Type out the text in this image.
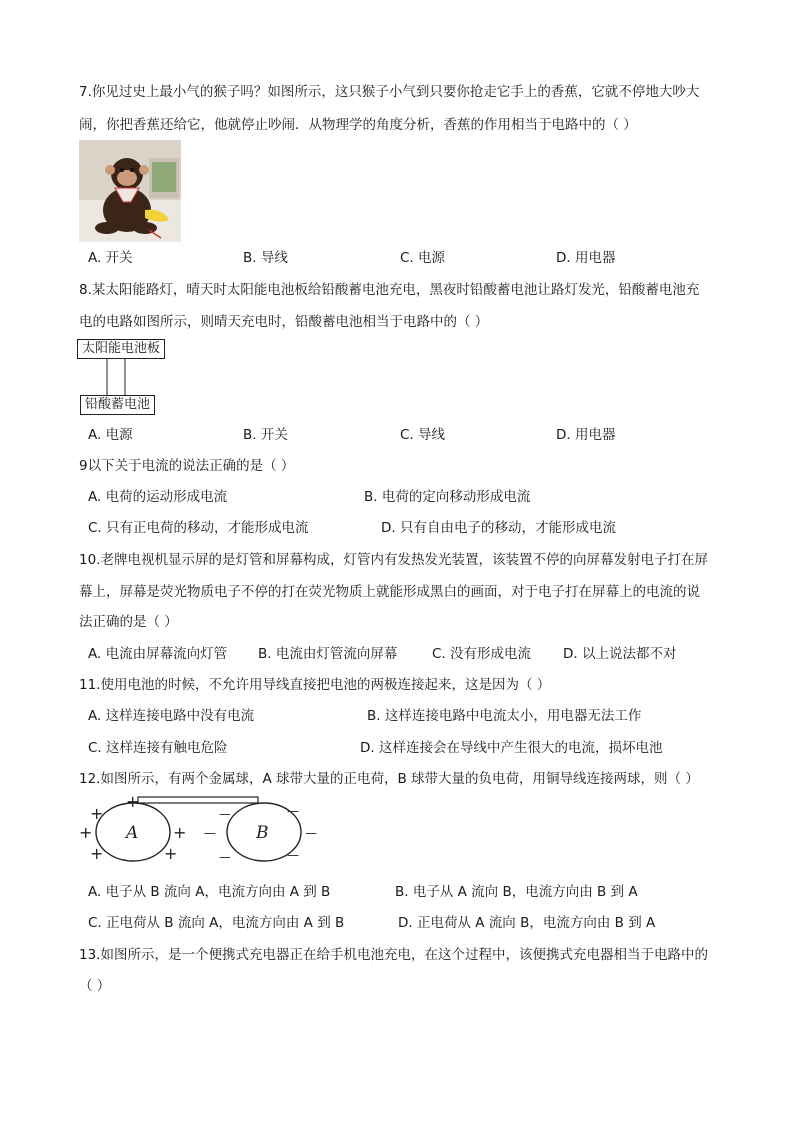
7.你见过史上最小气的猴子吗？如图所示，这只猴子小气到只要你抢走它手上的香蕉，它就不停地大吵大
闹，你把香蕉还给它，他就停止吵闹．从物理学的角度分析，香蕉的作用相当于电路中的（ ）
A. 开关	B. 导线	C. 电源	D. 用电器
8.某太阳能路灯，晴天时太阳能电池板给铅酸蓄电池充电，黑夜时铅酸蓄电池让路灯发光，铅酸蓄电池充
电的电路如图所示，则晴天充电时，铅酸蓄电池相当于电路中的（ ）
太阳能电池板
铅酸蓄电池
A. 电源	B. 开关	C. 导线	D. 用电器
9以下关于电流的说法正确的是（ ）
A. 电荷的运动形成电流	B. 电荷的定向移动形成电流
C. 只有正电荷的移动，才能形成电流	D. 只有自由电子的移动，才能形成电流
10.老牌电视机显示屏的是灯管和屏幕构成，灯管内有发热发光装置，该装置不停的向屏幕发射电子打在屏
幕上，屏幕是荧光物质电子不停的打在荧光物质上就能形成黑白的画面，对于电子打在屏幕上的电流的说
法正确的是（ ）
A. 电流由屏幕流向灯管 B. 电流由灯管流向屏幕	C. 没有形成电流 D. 以上说法都不对
11.使用电池的时候，不允许用导线直接把电池的两极连接起来，这是因为（ ）
A. 这样连接电路中没有电流	B. 这样连接电路中电流太小，用电器无法工作
C. 这样连接有触电危险	D. 这样连接会在导线中产生很大的电流，损坏电池
12.如图所示，有两个金属球，A 球带大量的正电荷，B 球带大量的负电荷，用铜导线连接两球，则（ ）
A	B
+
+
+	+
+	+
—	—
—	—
—	—
A. 电子从 B 流向 A，电流方向由 A 到 B	B. 电子从 A 流向 B，电流方向由 B 到 A
C. 正电荷从 B 流向 A，电流方向由 A 到 B	D. 正电荷从 A 流向 B，电流方向由 B 到 A
13.如图所示，是一个便携式充电器正在给手机电池充电，在这个过程中，该便携式充电器相当于电路中的
（ ）
